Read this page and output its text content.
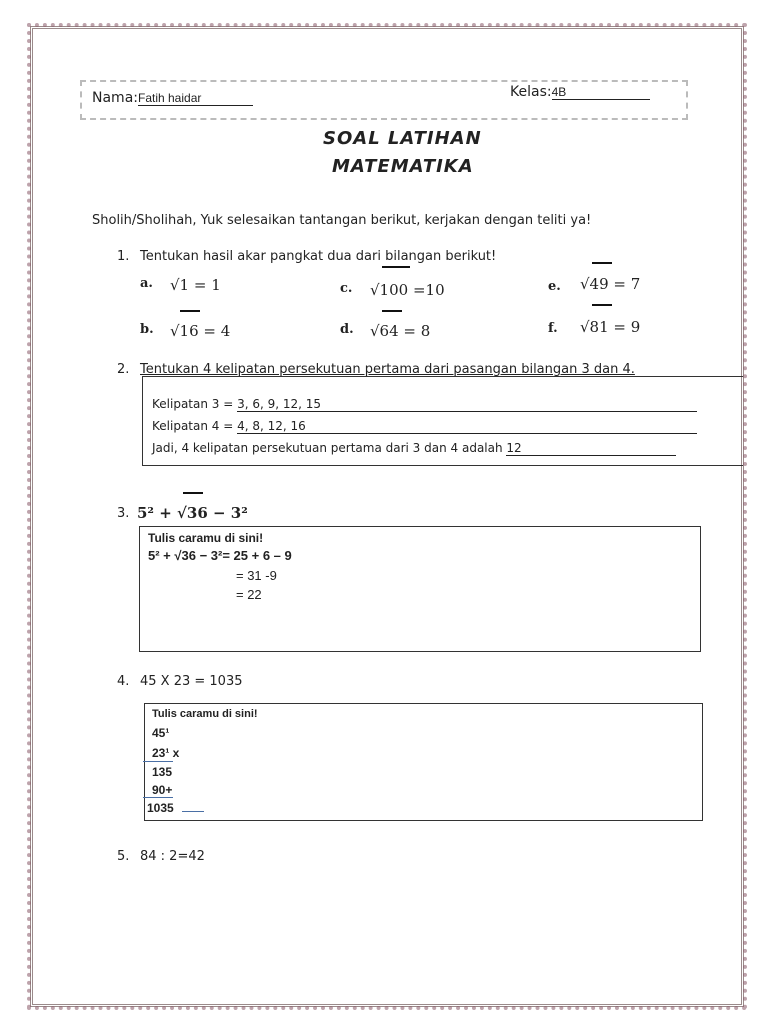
Nama:Fatih haidar	Kelas:4B
SOAL LATIHAN
MATEMATIKA
Sholih/Sholihah, Yuk selesaikan tantangan berikut, kerjakan dengan teliti ya!
1. Tentukan hasil akar pangkat dua dari bilangan berikut!
a. √1 = 1
b. √16 = 4
c. √100 =10
d. √64 = 8
e. √49 = 7
f. √81 = 9
2. Tentukan 4 kelipatan persekutuan pertama dari pasangan bilangan 3 dan 4.
Kelipatan 3 = 3, 6, 9, 12, 15
Kelipatan 4 = 4, 8, 12, 16
Jadi, 4 kelipatan persekutuan pertama dari 3 dan 4 adalah 12
3. 5² + √36 − 3²
Tulis caramu di sini!
5² + √36 − 3²= 25 + 6 – 9
= 31 -9
= 22
4. 45 X 23 = 1035
Tulis caramu di sini!
45¹
23¹ x
135
90+
1035
5. 84 : 2=42
